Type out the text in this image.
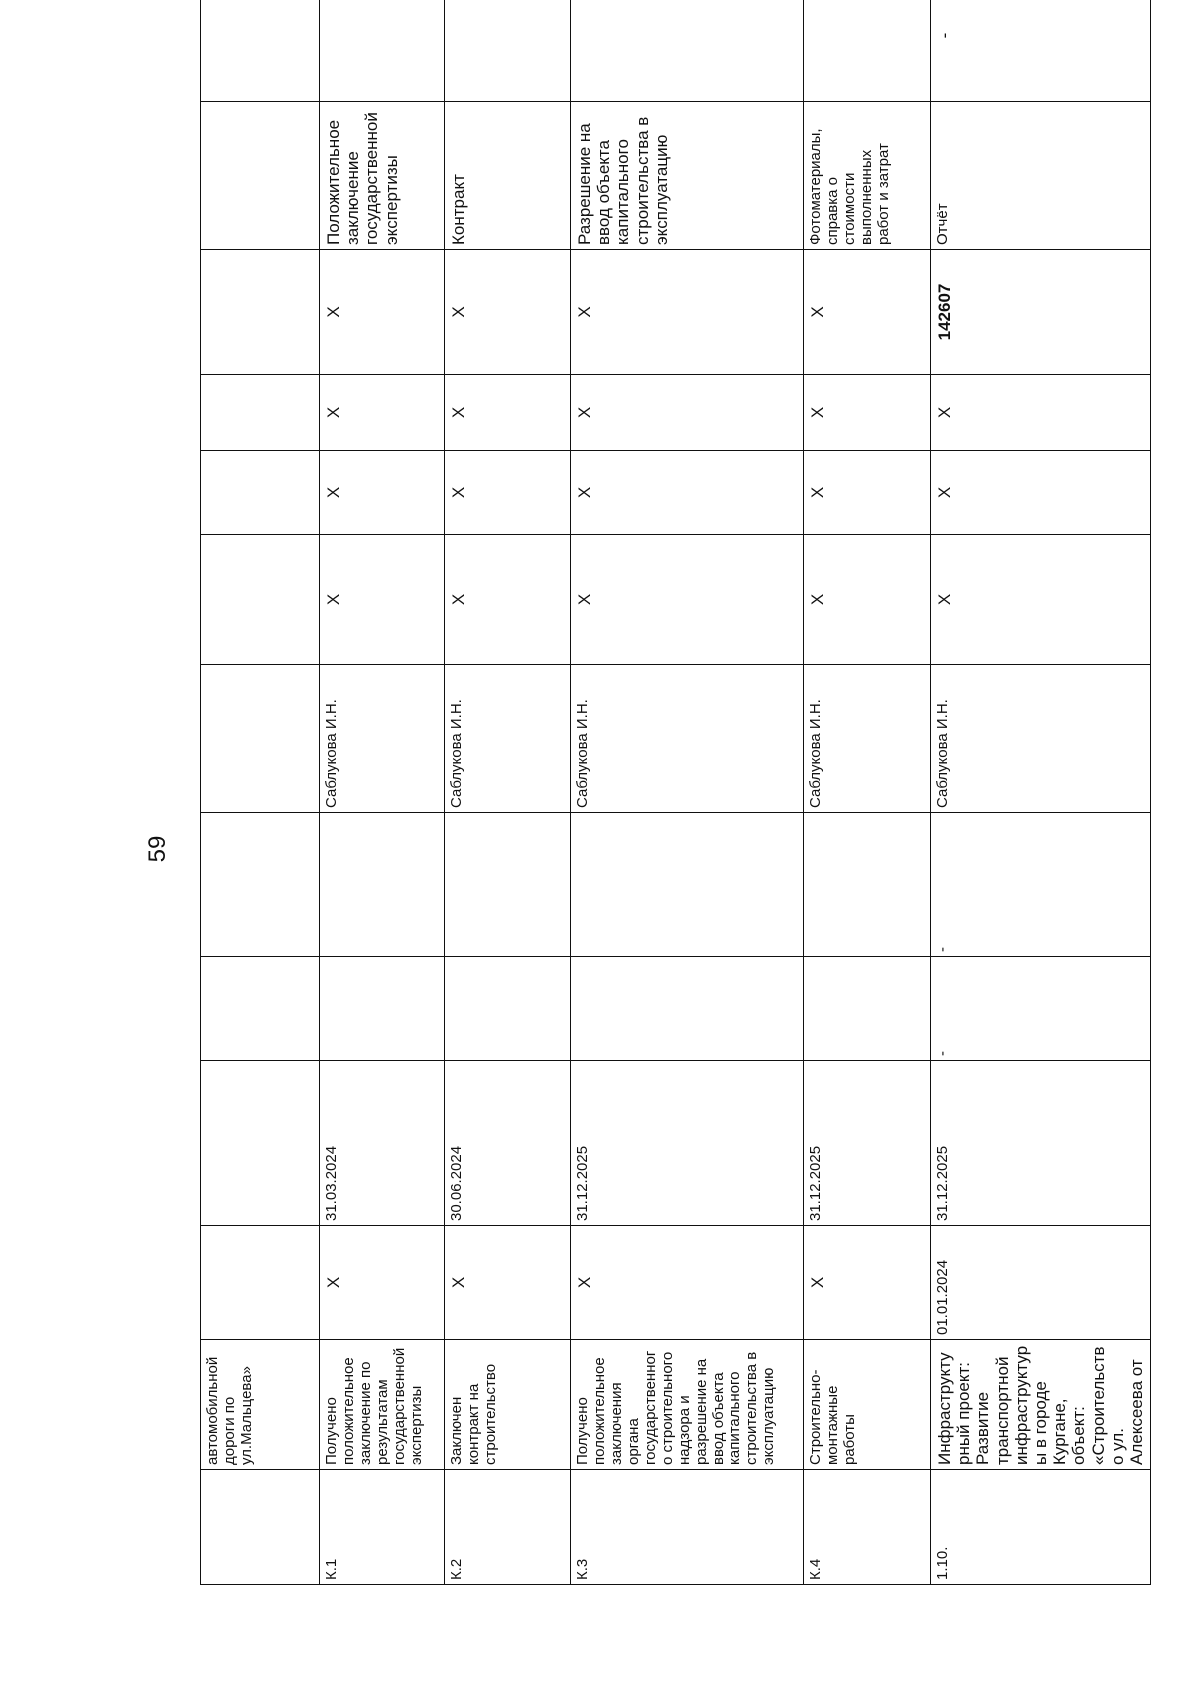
59
	автомобильной дороги по ул.Мальцева»											
К.1	Получено положительное заключение по результатам государственной экспертизы	X	31.03.2024			Саблукова И.Н.	X	X	X	X	Положительное заключение государственной экспертизы	
К.2	Заключен контракт на строительство	X	30.06.2024			Саблукова И.Н.	X	X	X	X	Контракт	
К.3	Получено положительное заключения органа государственного строительного надзора и разрешение на ввод объекта капитального строительства в эксплуатацию	X	31.12.2025			Саблукова И.Н.	X	X	X	X	Разрешение на ввод объекта капитального строительства в эксплуатацию	
К.4	Строительно-монтажные работы	X	31.12.2025			Саблукова И.Н.	X	X	X	X	Фотоматериалы, справка о стоимости выполненных работ и затрат	
1.10.	Инфраструктурный проект: Развитие транспортной инфраструктуры в городе Кургане, объект: «Строительство ул. Алексеева от	01.01.2024	31.12.2025	-	-	Саблукова И.Н.	X	X	X	142607	Отчёт	-
